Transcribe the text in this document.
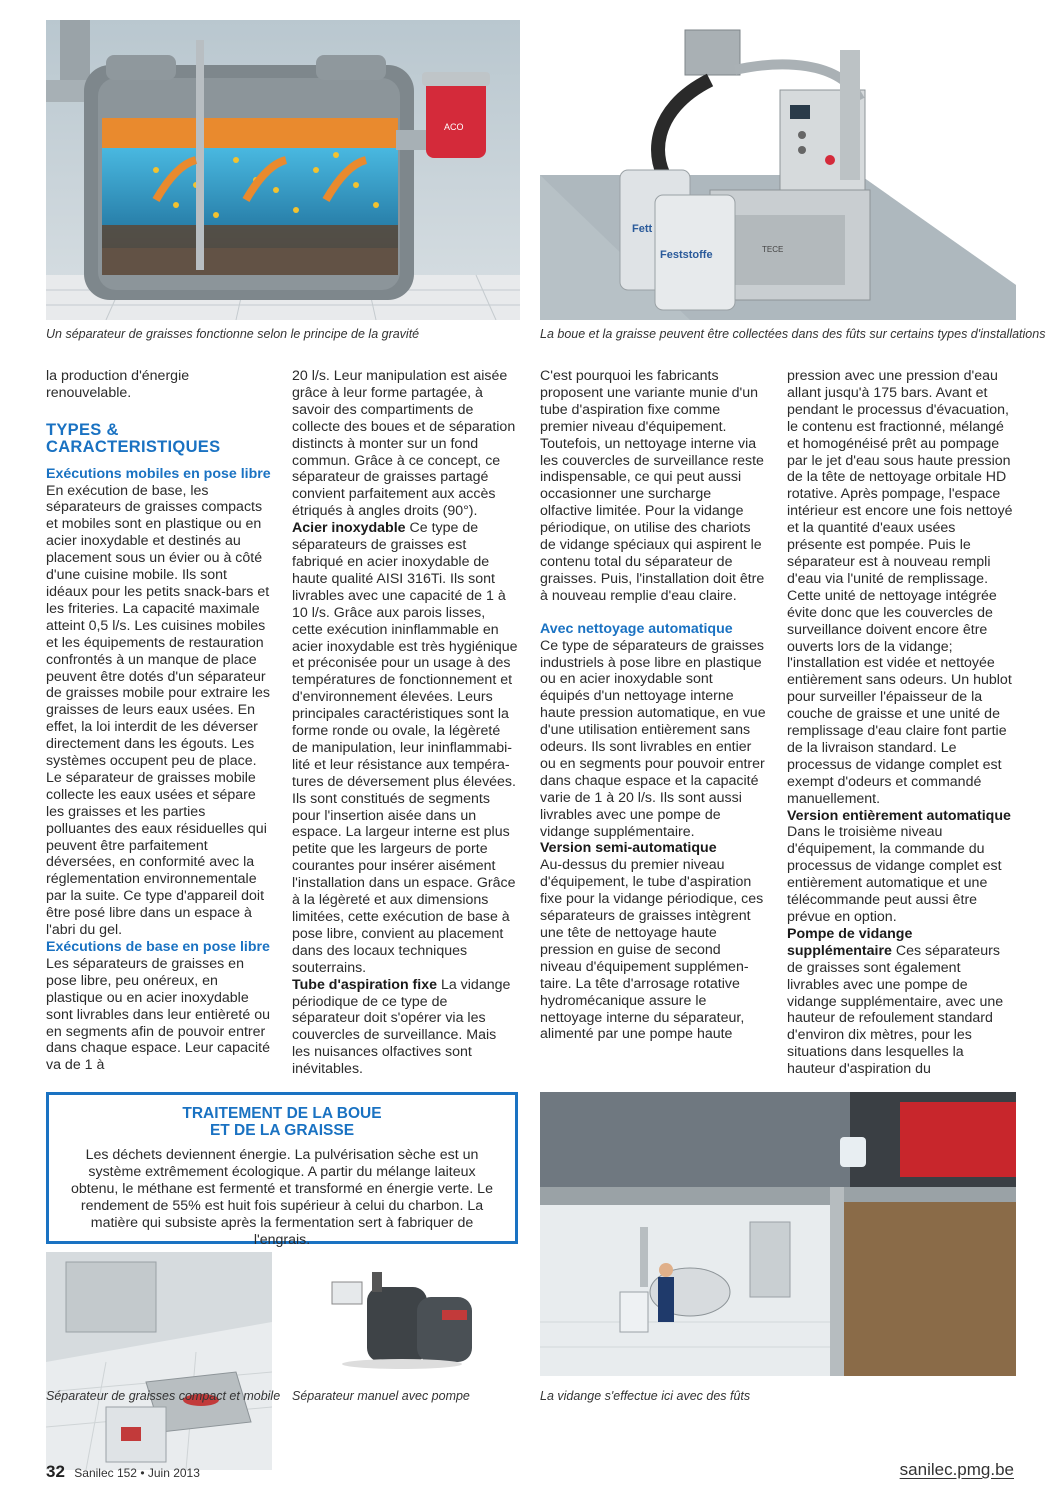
ACO
Un séparateur de graisses fonctionne selon le principe de la gravité
Fett
Feststoffe	TECE
La boue et la graisse peuvent être collectées dans des fûts sur certains types d'installations

la production d'énergie renouvelable.

TYPES & CARACTERISTIQUES

Exécutions mobiles en pose libre

En exécution de base, les séparateurs de graisses compacts et mobiles sont en plastique ou en acier inoxydable et destinés au placement sous un évier ou à côté d'une cuisine mobile. Ils sont idéaux pour les petits snack-bars et les friteries. La capacité maximale atteint 0,5 l/s. Les cuisines mobiles et les équipements de restauration confrontés à un manque de place peuvent être dotés d'un séparateur de graisses mobile pour extraire les graisses de leurs eaux usées. En effet, la loi interdit de les déverser directement dans les égouts. Les systèmes occupent peu de place. Le séparateur de graisses mobile collecte les eaux usées et sépare les graisses et les parties polluantes des eaux résiduelles qui peuvent être parfaitement déversées, en conformité avec la réglementation environnementale par la suite. Ce type d'appareil doit être posé libre dans un espace à l'abri du gel.

Exécutions de base en pose libre

Les séparateurs de graisses en pose libre, peu onéreux, en plastique ou en acier inoxydable sont livrables dans leur entièreté ou en segments afin de pouvoir entrer dans chaque espace. Leur capacité va de 1 à

20 l/s. Leur manipulation est aisée grâce à leur forme partagée, à savoir des compartiments de collecte des boues et de séparation distincts à monter sur un fond commun. Grâce à ce concept, ce séparateur de graisses partagé convient parfaitement aux accès étriqués à angles droits (90°).

Acier inoxydable Ce type de séparateurs de graisses est fabriqué en acier inoxydable de haute qualité AISI 316Ti. Ils sont livrables avec une capacité de 1 à 10 l/s. Grâce aux parois lisses, cette exécution ininflammable en acier inoxydable est très hygiénique et préconisée pour un usage à des températures de fonctionnement et d'environnement élevées. Leurs principales caractéristiques sont la forme ronde ou ovale, la légèreté de manipulation, leur ininflammabilité et leur résistance aux températures de déversement plus élevées. Ils sont constitués de segments pour l'insertion aisée dans un espace. La largeur interne est plus petite que les largeurs de porte courantes pour insérer aisément l'installation dans un espace. Grâce à la légèreté et aux dimensions limitées, cette exécution de base à pose libre, convient au placement dans des locaux techniques souterrains.

Tube d'aspiration fixe La vidange périodique de ce type de séparateur doit s'opérer via les couvercles de surveillance. Mais les nuisances olfactives sont inévitables.

C'est pourquoi les fabricants proposent une variante munie d'un tube d'aspiration fixe comme premier niveau d'équipement. Toutefois, un nettoyage interne via les couvercles de surveillance reste indispensable, ce qui peut aussi occasionner une surcharge olfactive limitée. Pour la vidange périodique, on utilise des chariots de vidange spéciaux qui aspirent le contenu total du séparateur de graisses. Puis, l'installation doit être à nouveau remplie d'eau claire.

Avec nettoyage automatique

Ce type de séparateurs de graisses industriels à pose libre en plastique ou en acier inoxydable sont équipés d'un nettoyage interne haute pression automatique, en vue d'une utilisation entièrement sans odeurs. Ils sont livrables en entier ou en segments pour pouvoir entrer dans chaque espace et la capacité varie de 1 à 20 l/s. Ils sont aussi livrables avec une pompe de vidange supplémentaire.

Version semi-automatique

Au-dessus du premier niveau d'équipement, le tube d'aspiration fixe pour la vidange périodique, ces séparateurs de graisses intègrent une tête de nettoyage haute pression en guise de second niveau d'équipement supplémentaire. La tête d'arrosage rotative hydromécanique assure le nettoyage interne du séparateur, alimenté par une pompe haute

pression avec une pression d'eau allant jusqu'à 175 bars. Avant et pendant le processus d'évacuation, le contenu est fractionné, mélangé et homogénéisé prêt au pompage par le jet d'eau sous haute pression de la tête de nettoyage orbitale HD rotative. Après pompage, l'espace intérieur est encore une fois nettoyé et la quantité d'eaux usées présente est pompée. Puis le séparateur est à nouveau rempli d'eau via l'unité de remplissage. Cette unité de nettoyage intégrée évite donc que les couvercles de surveillance doivent encore être ouverts lors de la vidange; l'installation est vidée et nettoyée entièrement sans odeurs. Un hublot pour surveiller l'épaisseur de la couche de graisse et une unité de remplissage d'eau claire font partie de la livraison standard. Le processus de vidange complet est exempt d'odeurs et commandé manuellement.

Version entièrement automatique Dans le troisième niveau d'équipement, la commande du processus de vidange complet est entièrement automatique et une télécommande peut aussi être prévue en option.

Pompe de vidange supplémentaire Ces séparateurs de graisses sont également livrables avec une pompe de vidange supplémentaire, avec une hauteur de refoulement standard d'environ dix mètres, pour les situations dans lesquelles la hauteur d'aspiration du

TRAITEMENT DE LA BOUE
ET DE LA GRAISSE
Les déchets deviennent énergie. La pulvérisation sèche est un système extrêmement écologique. A partir du mélange laiteux obtenu, le méthane est fermenté et transformé en énergie verte. Le rendement de 55% est huit fois supérieur à celui du charbon. La matière qui subsiste après la fermentation sert à fabriquer de l'engrais.
Séparateur de graisses compact et mobile Séparateur manuel avec pompe	La vidange s'effectue ici avec des fûts
32 Sanilec 152 • Juin 2013	sanilec.pmg.be
